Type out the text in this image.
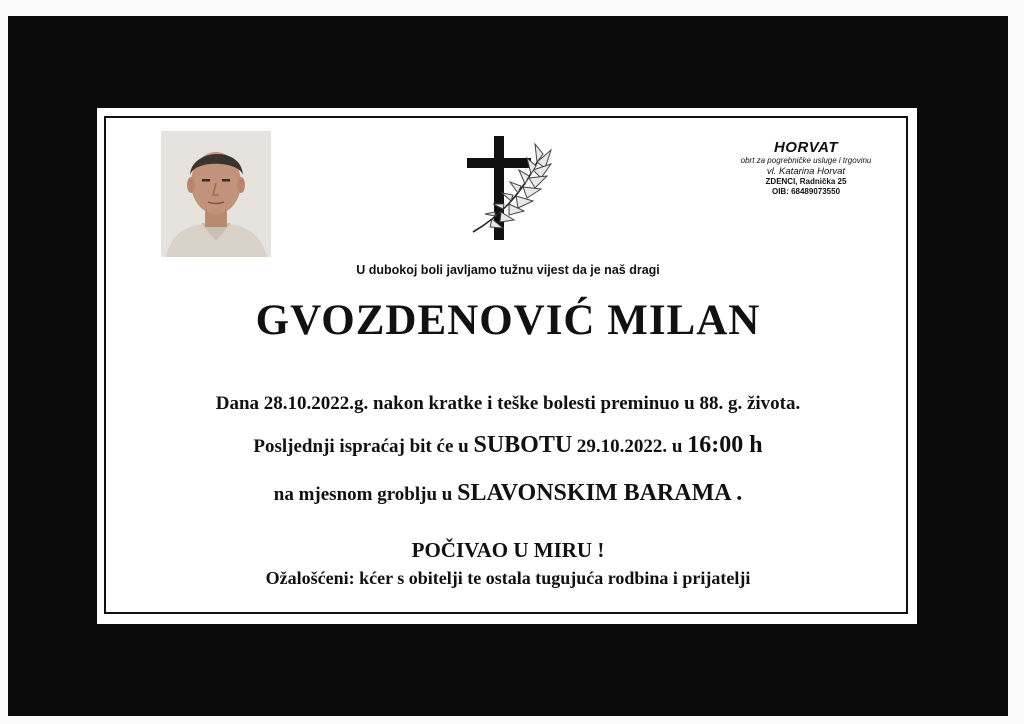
HORVAT
obrt za pogrebničke usluge i trgovinu
vl. Katarina Horvat
ZDENCI, Radnička 25
OIB: 68489073550
U dubokoj boli javljamo tužnu vijest da je naš dragi
GVOZDENOVIĆ MILAN
Dana 28.10.2022.g. nakon kratke i teške bolesti preminuo u 88. g. života.
Posljednji ispraćaj bit će u SUBOTU 29.10.2022. u 16:00 h
na mjesnom groblju u SLAVONSKIM BARAMA .
POČIVAO U MIRU !
Ožalošćeni: kćer s obitelji te ostala tugujuća rodbina i prijatelji
